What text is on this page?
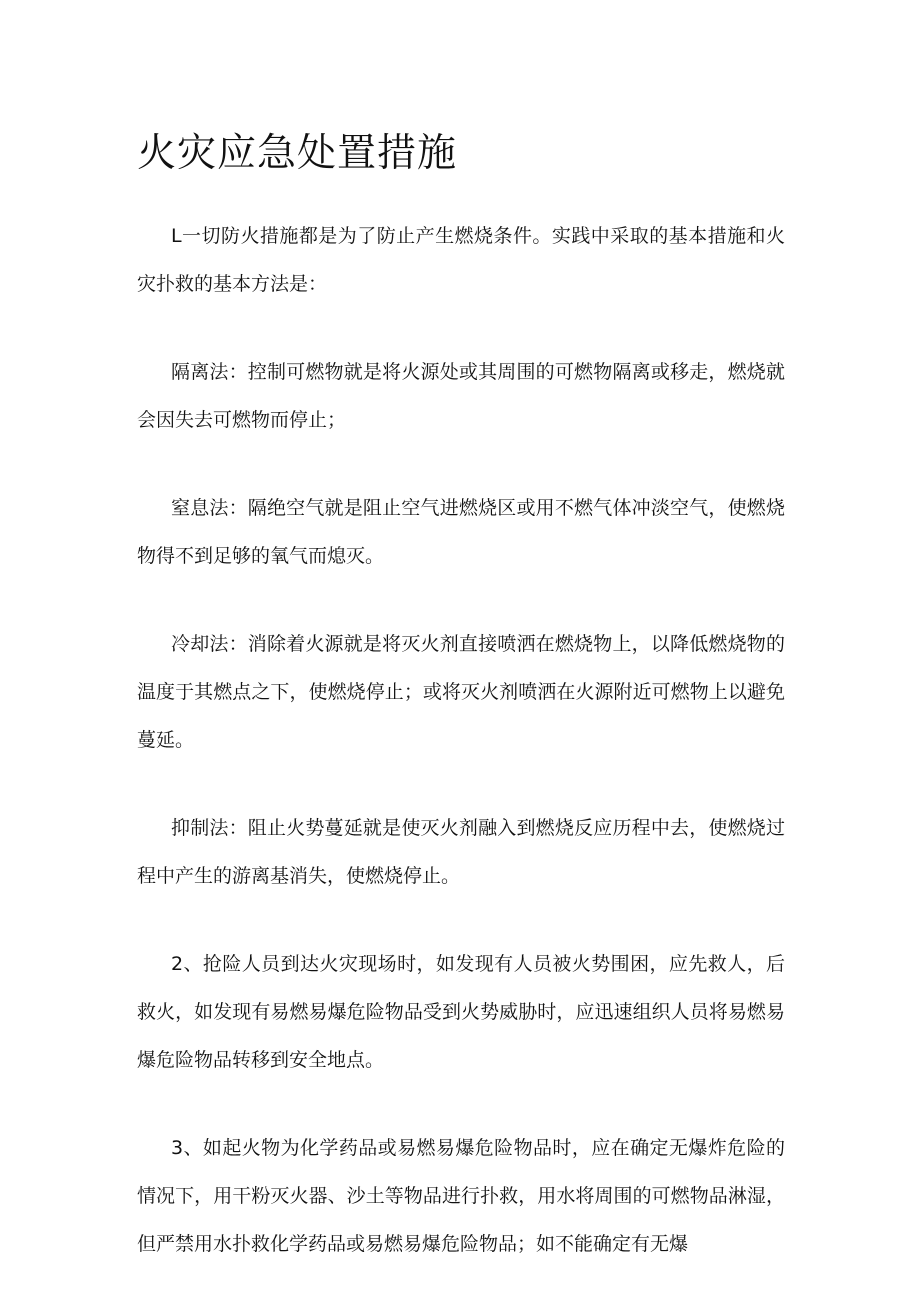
火灾应急处置措施

L一切防火措施都是为了防止产生燃烧条件。实践中采取的基本措施和火灾扑救的基本方法是：

隔离法：控制可燃物就是将火源处或其周围的可燃物隔离或移走，燃烧就会因失去可燃物而停止；

窒息法：隔绝空气就是阻止空气进燃烧区或用不燃气体冲淡空气，使燃烧物得不到足够的氧气而熄灭。

冷却法：消除着火源就是将灭火剂直接喷洒在燃烧物上，以降低燃烧物的温度于其燃点之下，使燃烧停止；或将灭火剂喷洒在火源附近可燃物上以避免蔓延。

抑制法：阻止火势蔓延就是使灭火剂融入到燃烧反应历程中去，使燃烧过程中产生的游离基消失，使燃烧停止。

2、抢险人员到达火灾现场时，如发现有人员被火势围困，应先救人，后救火，如发现有易燃易爆危险物品受到火势威胁时，应迅速组织人员将易燃易爆危险物品转移到安全地点。

3、如起火物为化学药品或易燃易爆危险物品时，应在确定无爆炸危险的情况下，用干粉灭火器、沙土等物品进行扑救，用水将周围的可燃物品淋湿，但严禁用水扑救化学药品或易燃易爆危险物品；如不能确定有无爆
